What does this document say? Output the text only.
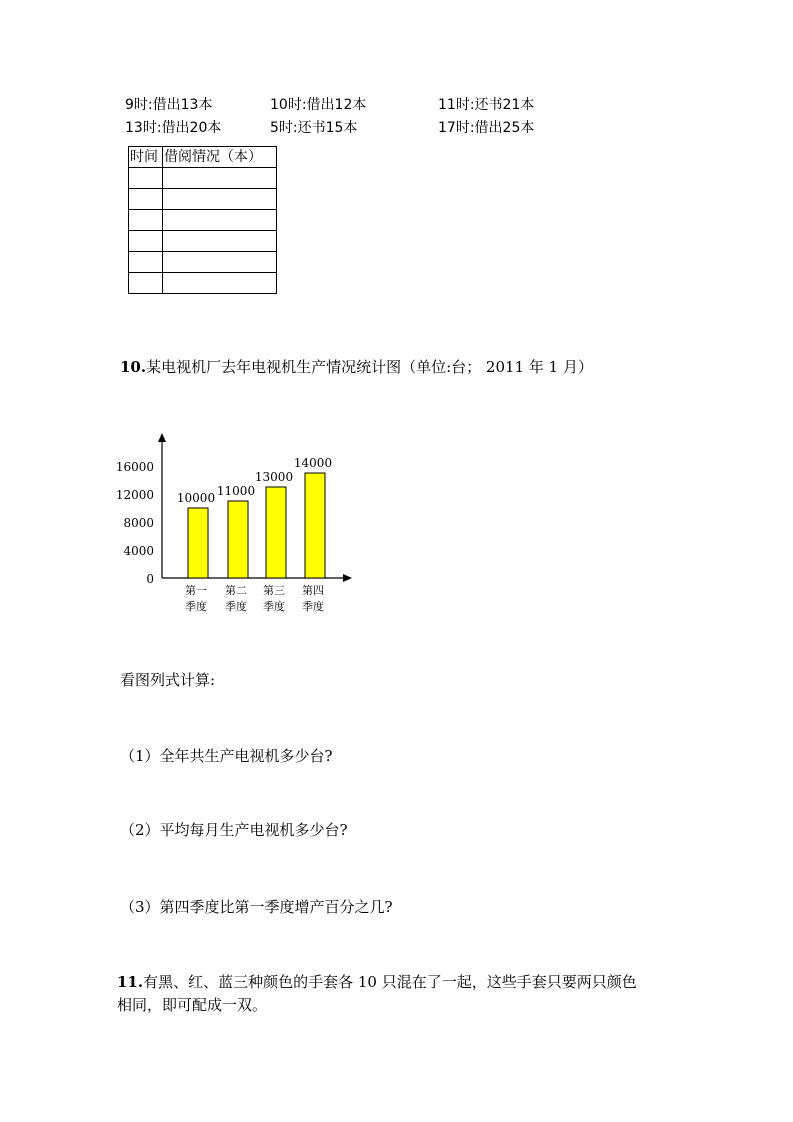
9时:借出13本	10时:借出12本	11时:还书21本
13时:借出20本	5时:还书15本	17时:借出25本
时间	借阅情况（本）

10.某电视机厂去年电视机生产情况统计图（单位:台； 2011 年 1 月）
0
4000
8000
12000
16000
10000
第一
季度
11000
第二
季度
13000
第三
季度
14000
第四
季度
看图列式计算:
（1）全年共生产电视机多少台?
（2）平均每月生产电视机多少台?
（3）第四季度比第一季度增产百分之几?
11.有黑、红、蓝三种颜色的手套各 10 只混在了一起，这些手套只要两只颜色
相同，即可配成一双。
